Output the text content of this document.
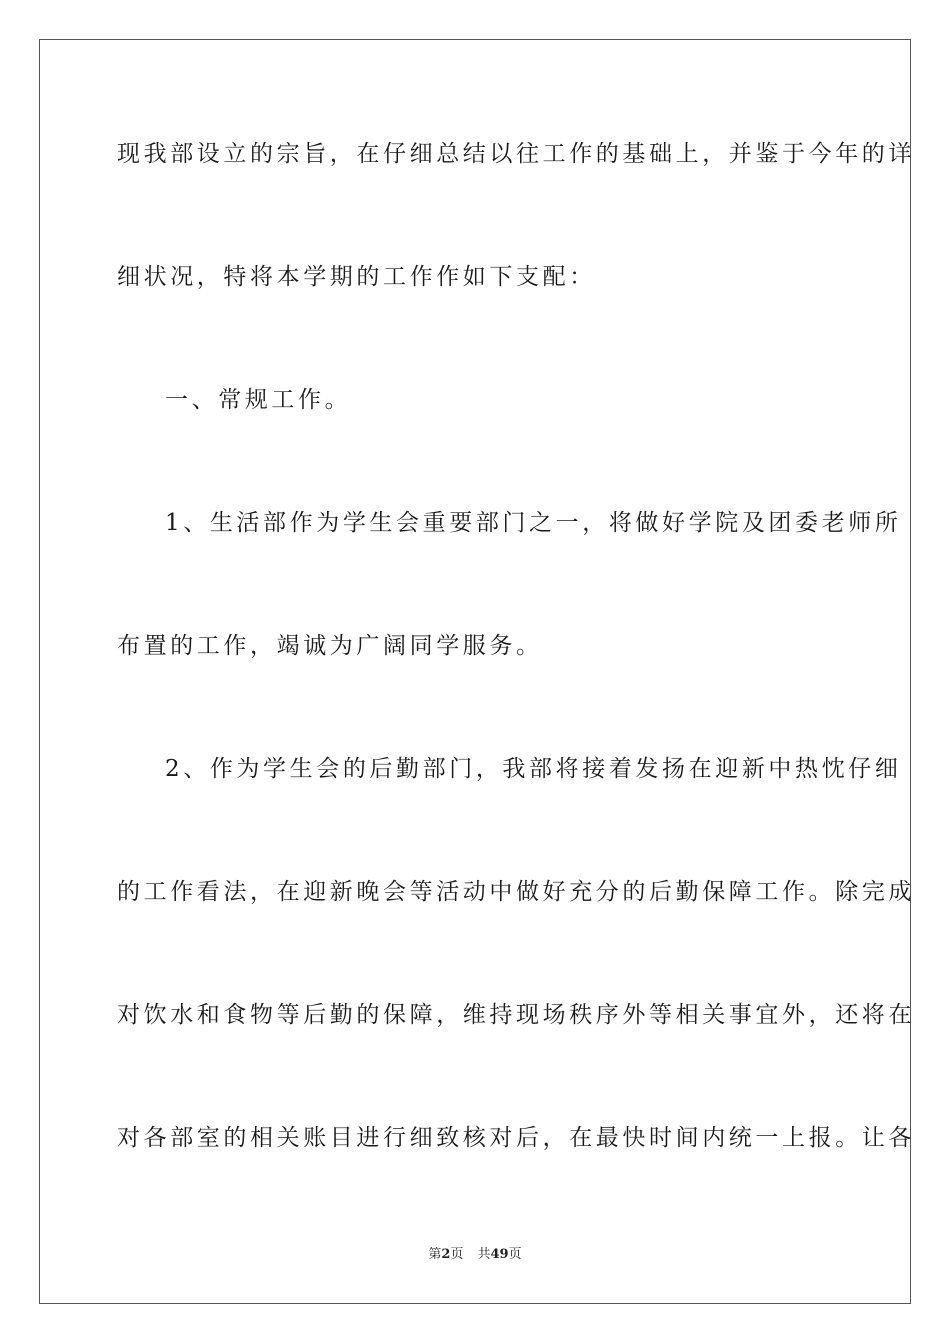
现我部设立的宗旨，在仔细总结以往工作的基础上，并鉴于今年的详
细状况，特将本学期的工作作如下支配：
一、常规工作。
1、生活部作为学生会重要部门之一，将做好学院及团委老师所
布置的工作，竭诚为广阔同学服务。
2、作为学生会的后勤部门，我部将接着发扬在迎新中热忱仔细
的工作看法，在迎新晚会等活动中做好充分的后勤保障工作。除完成
对饮水和食物等后勤的保障，维持现场秩序外等相关事宜外，还将在
对各部室的相关账目进行细致核对后，在最快时间内统一上报。让各
第2页 共49页
